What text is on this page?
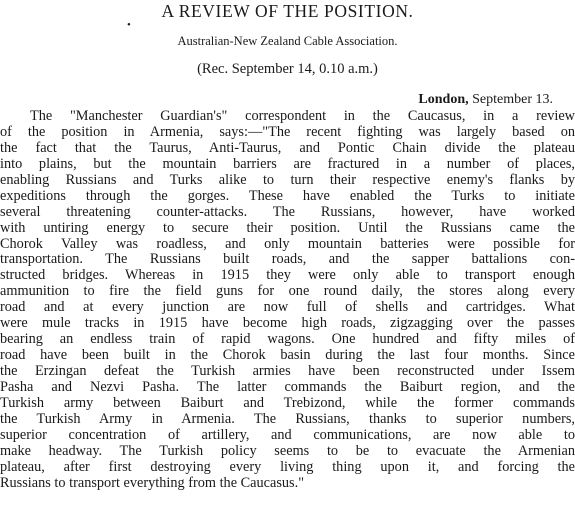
A REVIEW OF THE POSITION.
•
Australian-New Zealand Cable Association.
(Rec. September 14, 0.10 a.m.)
London, September 13.
The "Manchester Guardian's" correspondent in the Caucasus, in a review
of the position in Armenia, says:—"The recent fighting was largely based on
the fact that the Taurus, Anti-Taurus, and Pontic Chain divide the plateau
into plains, but the mountain barriers are fractured in a number of places,
enabling Russians and Turks alike to turn their respective enemy's flanks by
expeditions through the gorges. These have enabled the Turks to initiate
several threatening counter-attacks. The Russians, however, have worked
with untiring energy to secure their position. Until the Russians came the
Chorok Valley was roadless, and only mountain batteries were possible for
transportation. The Russians built roads, and the sapper battalions con-
structed bridges. Whereas in 1915 they were only able to transport enough
ammunition to fire the field guns for one round daily, the stores along every
road and at every junction are now full of shells and cartridges. What
were mule tracks in 1915 have become high roads, zigzagging over the passes
bearing an endless train of rapid wagons. One hundred and fifty miles of
road have been built in the Chorok basin during the last four months. Since
the Erzingan defeat the Turkish armies have been reconstructed under Issem
Pasha and Nezvi Pasha. The latter commands the Baiburt region, and the
Turkish army between Baiburt and Trebizond, while the former commands
the Turkish Army in Armenia. The Russians, thanks to superior numbers,
superior concentration of artillery, and communications, are now able to
make headway. The Turkish policy seems to be to evacuate the Armenian
plateau, after first destroying every living thing upon it, and forcing the
Russians to transport everything from the Caucasus."
